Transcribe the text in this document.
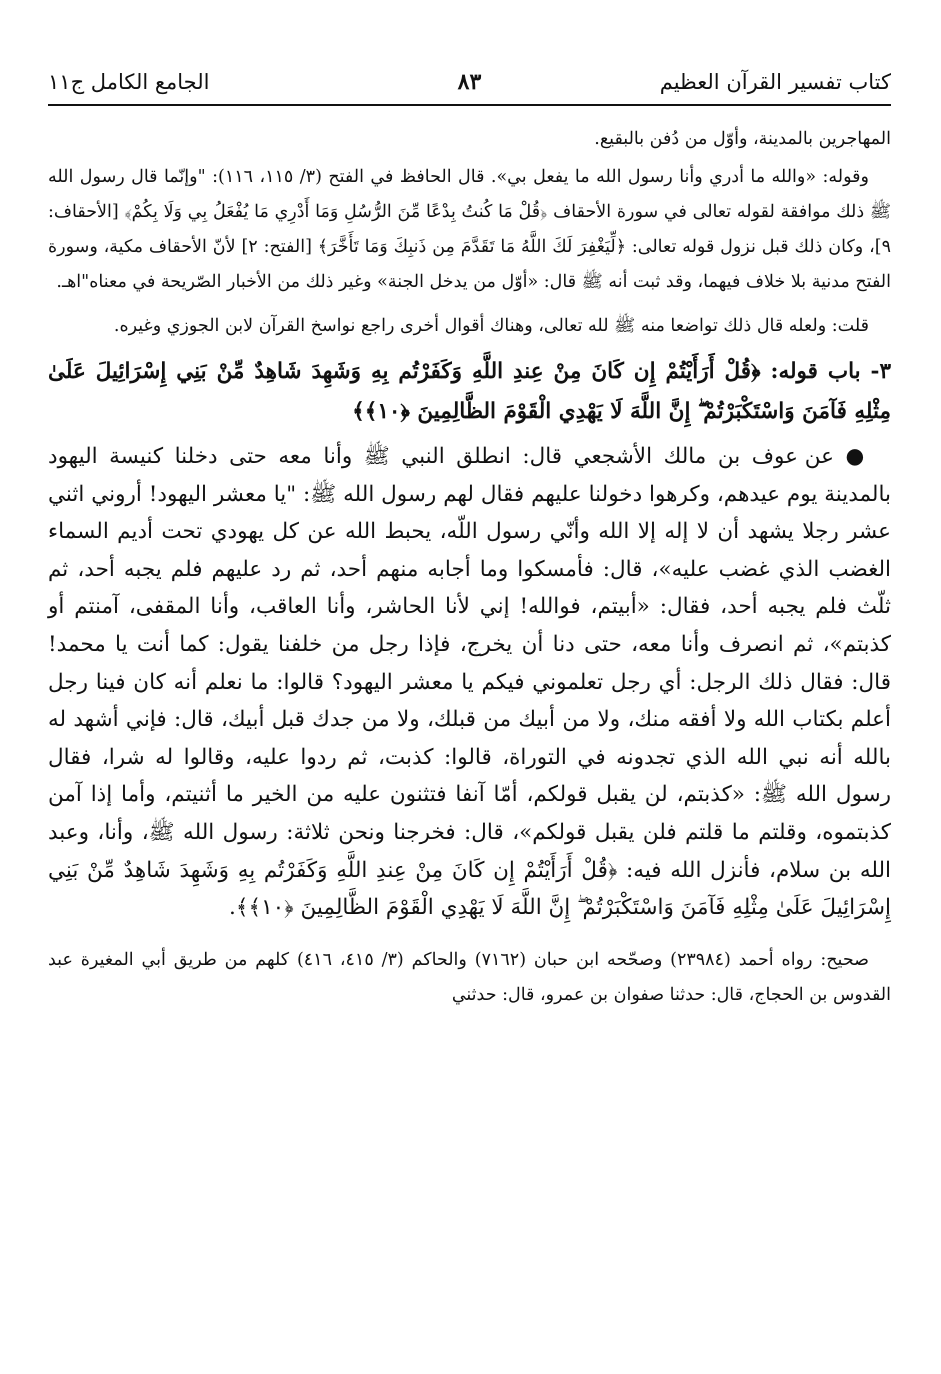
كتاب تفسير القرآن العظيم
٨٣
الجامع الكامل ج١١

المهاجرين بالمدينة، وأوّل من دُفن بالبقيع.

وقوله: «والله ما أدري وأنا رسول الله ما يفعل بي». قال الحافظ في الفتح (٣/ ١١٥، ١١٦): "وإنّما قال رسول الله ﷺ ذلك موافقة لقوله تعالى في سورة الأحقاف ﴿قُلْ مَا كُنتُ بِدْعًا مِّنَ الرُّسُلِ وَمَا أَدْرِي مَا يُفْعَلُ بِي وَلَا بِكُمْ﴾ [الأحقاف: ٩]، وكان ذلك قبل نزول قوله تعالى: ﴿لِّيَغْفِرَ لَكَ اللَّهُ مَا تَقَدَّمَ مِن ذَنبِكَ وَمَا تَأَخَّرَ﴾ [الفتح: ٢] لأنّ الأحقاف مكية، وسورة الفتح مدنية بلا خلاف فيهما، وقد ثبت أنه ﷺ قال: «أوّل من يدخل الجنة» وغير ذلك من الأخبار الصّريحة في معناه"اهـ.

قلت: ولعله قال ذلك تواضعا منه ﷺ لله تعالى، وهناك أقوال أخرى راجع نواسخ القرآن لابن الجوزي وغيره.

٣- باب قوله: ﴿قُلْ أَرَأَيْتُمْ إِن كَانَ مِنْ عِندِ اللَّهِ وَكَفَرْتُم بِهِ وَشَهِدَ شَاهِدٌ مِّنْ بَنِي إِسْرَائِيلَ عَلَىٰ مِثْلِهِ فَآمَنَ وَاسْتَكْبَرْتُمْ ۖ إِنَّ اللَّهَ لَا يَهْدِي الْقَوْمَ الظَّالِمِينَ ﴿١٠﴾﴾

● عن عوف بن مالك الأشجعي قال: انطلق النبي ﷺ وأنا معه حتى دخلنا كنيسة اليهود بالمدينة يوم عيدهم، وكرهوا دخولنا عليهم فقال لهم رسول الله ﷺ: "يا معشر اليهود! أروني اثني عشر رجلا يشهد أن لا إله إلا الله وأنّي رسول اللّه، يحبط الله عن كل يهودي تحت أديم السماء الغضب الذي غضب عليه»، قال: فأمسكوا وما أجابه منهم أحد، ثم رد عليهم فلم يجبه أحد، ثم ثلّث فلم يجبه أحد، فقال: «أبيتم، فوالله! إني لأنا الحاشر، وأنا العاقب، وأنا المقفى، آمنتم أو كذبتم»، ثم انصرف وأنا معه، حتى دنا أن يخرج، فإذا رجل من خلفنا يقول: كما أنت يا محمد! قال: فقال ذلك الرجل: أي رجل تعلموني فيكم يا معشر اليهود؟ قالوا: ما نعلم أنه كان فينا رجل أعلم بكتاب الله ولا أفقه منك، ولا من أبيك من قبلك، ولا من جدك قبل أبيك، قال: فإني أشهد له بالله أنه نبي الله الذي تجدونه في التوراة، قالوا: كذبت، ثم ردوا عليه، وقالوا له شرا، فقال رسول الله ﷺ: «كذبتم، لن يقبل قولكم، أمّا آنفا فتثنون عليه من الخير ما أثنيتم، وأما إذا آمن كذبتموه، وقلتم ما قلتم فلن يقبل قولكم»، قال: فخرجنا ونحن ثلاثة: رسول الله ﷺ، وأنا، وعبد الله بن سلام، فأنزل الله فيه: ﴿قُلْ أَرَأَيْتُمْ إِن كَانَ مِنْ عِندِ اللَّهِ وَكَفَرْتُم بِهِ وَشَهِدَ شَاهِدٌ مِّنْ بَنِي إِسْرَائِيلَ عَلَىٰ مِثْلِهِ فَآمَنَ وَاسْتَكْبَرْتُمْ ۖ إِنَّ اللَّهَ لَا يَهْدِي الْقَوْمَ الظَّالِمِينَ ﴿١٠﴾﴾.

صحيح: رواه أحمد (٢٣٩٨٤) وصحّحه ابن حبان (٧١٦٢) والحاكم (٣/ ٤١٥، ٤١٦) كلهم من طريق أبي المغيرة عبد القدوس بن الحجاج، قال: حدثنا صفوان بن عمرو، قال: حدثني
